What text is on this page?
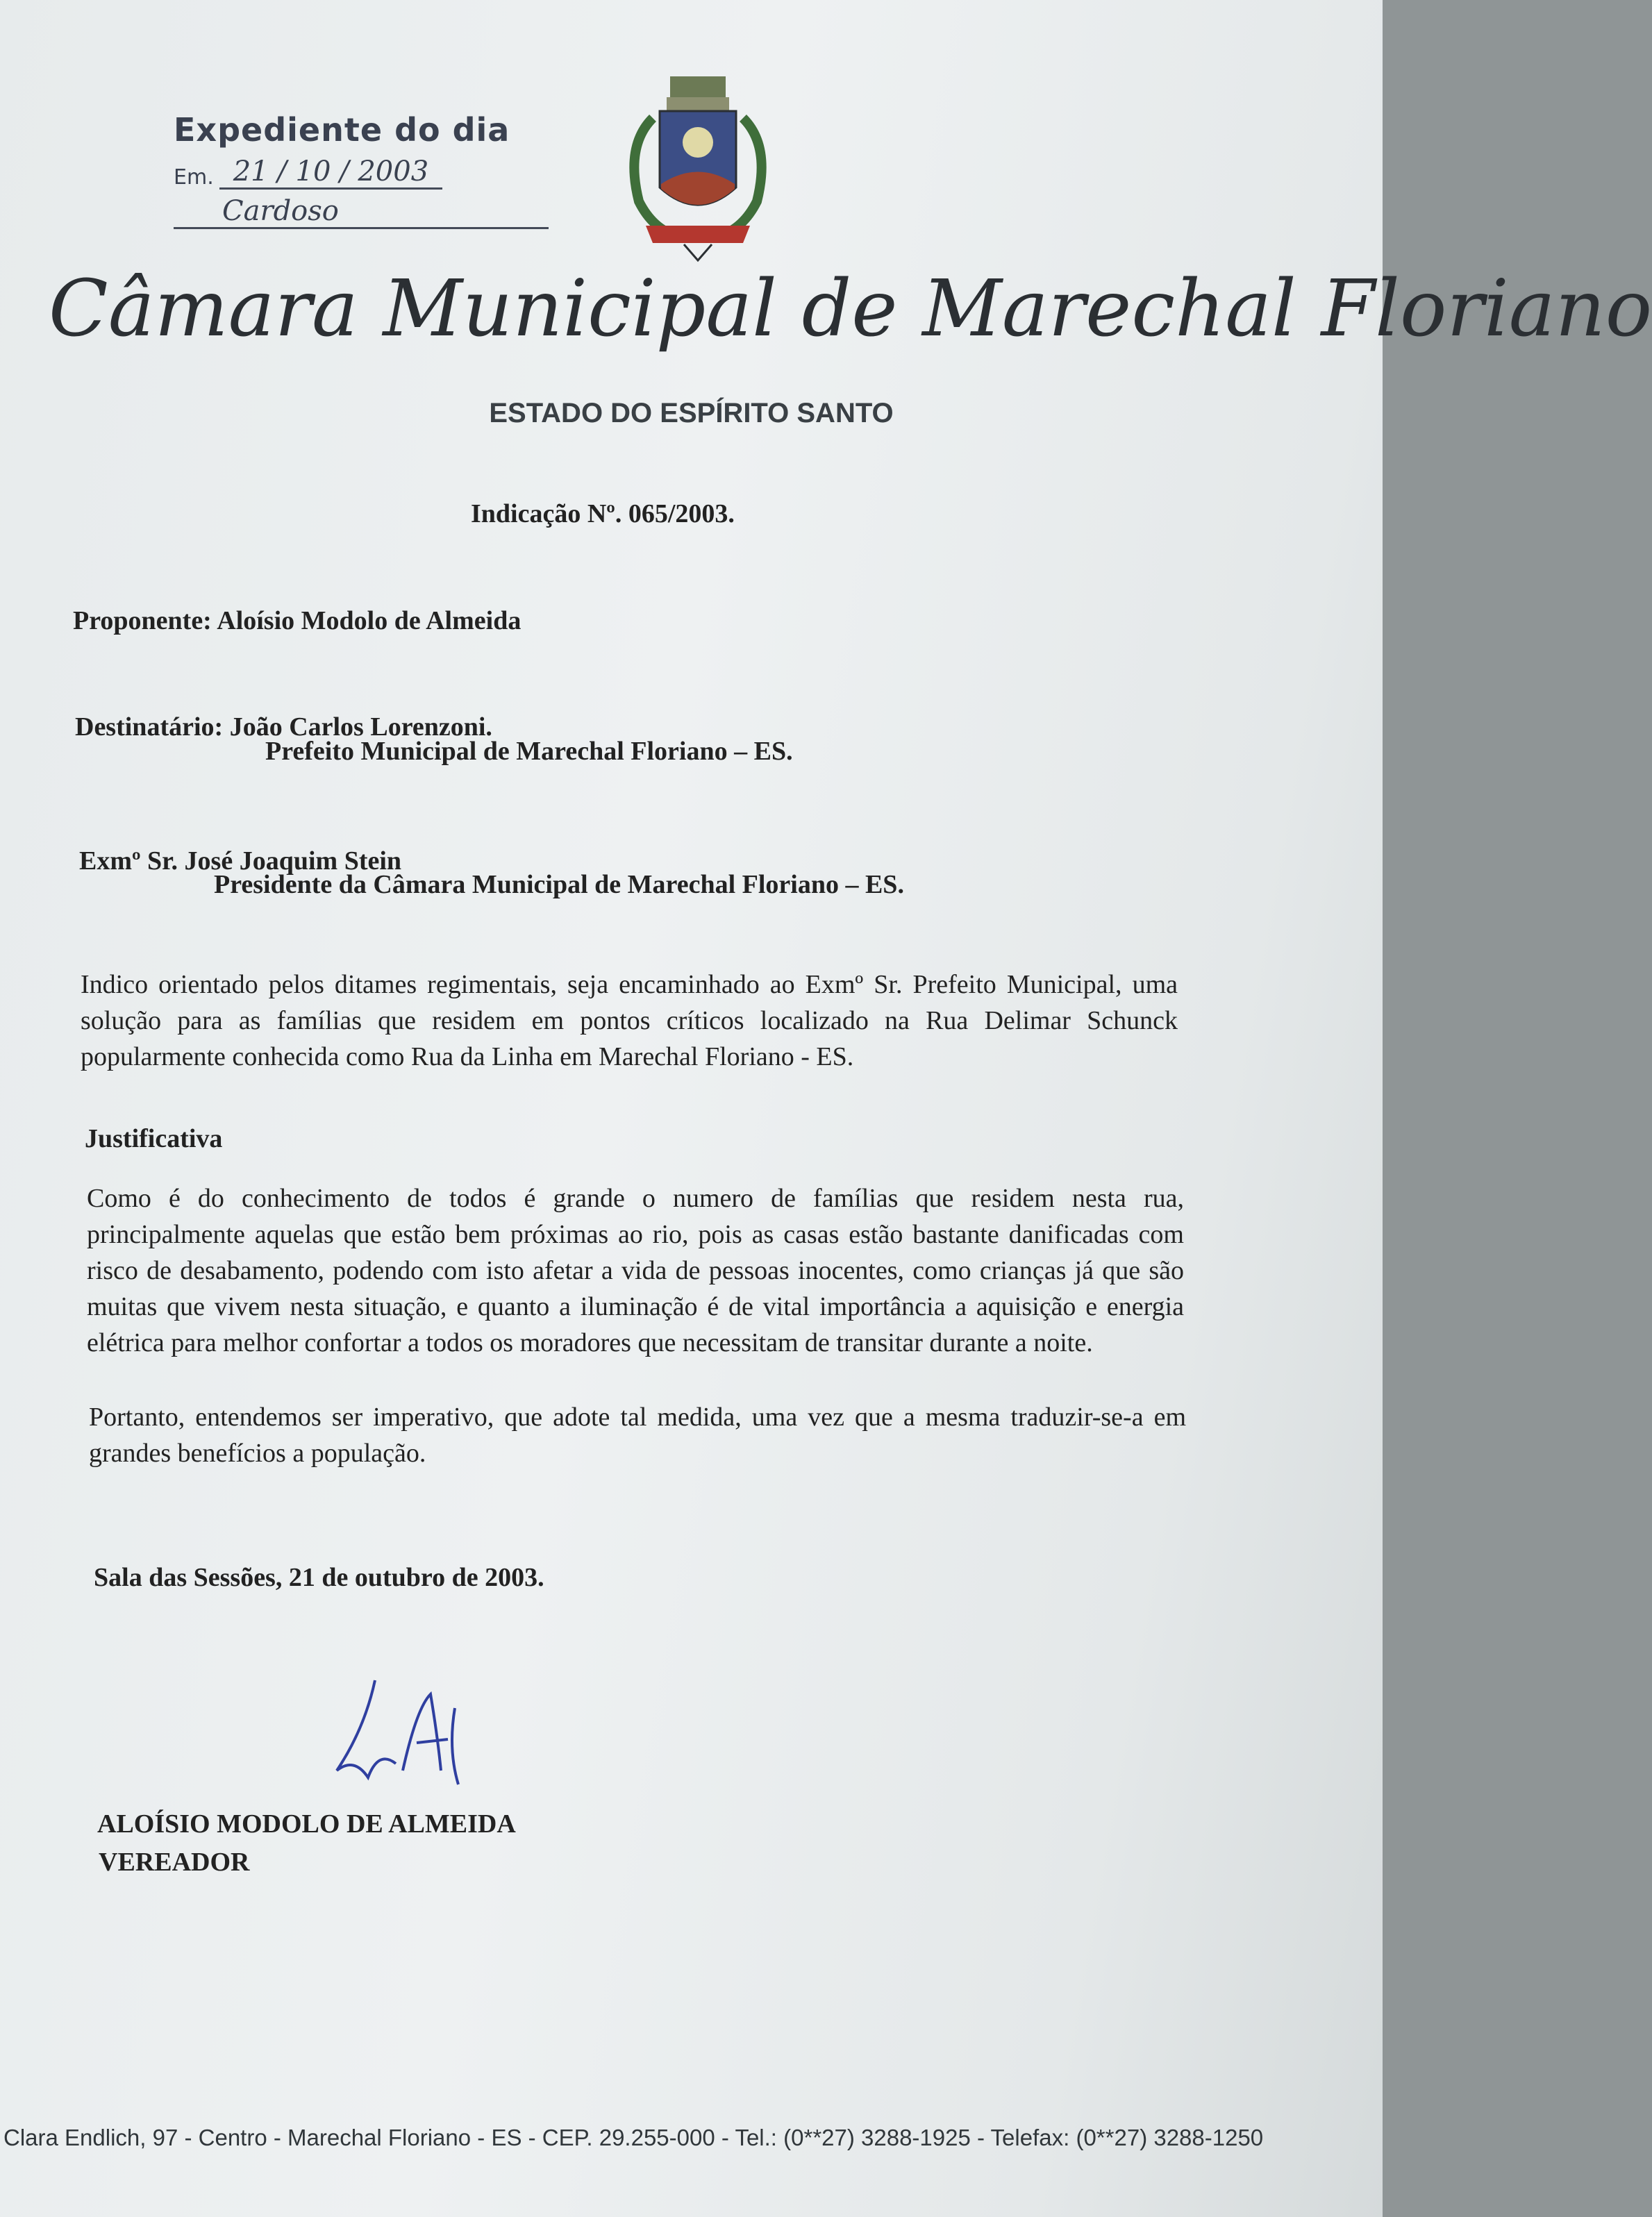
Expediente do dia
Em . 21 / 10 / 2003
Cardoso
Câmara Municipal de Marechal Floriano
ESTADO DO ESPÍRITO SANTO
Indicação Nº. 065/2003.
Proponente: Aloísio Modolo de Almeida
Destinatário: João Carlos Lorenzoni.
Prefeito Municipal de Marechal Floriano – ES.
Exmº Sr. José Joaquim Stein
Presidente da Câmara Municipal de Marechal Floriano – ES.
Indico orientado pelos ditames regimentais, seja encaminhado ao Exmº Sr. Prefeito Municipal, uma solução para as famílias que residem em pontos críticos localizado na Rua Delimar Schunck popularmente conhecida como Rua da Linha em Marechal Floriano - ES.
Justificativa
Como é do conhecimento de todos é grande o numero de famílias que residem nesta rua, principalmente aquelas que estão bem próximas ao rio, pois as casas estão bastante danificadas com risco de desabamento, podendo com isto afetar a vida de pessoas inocentes, como crianças já que são muitas que vivem nesta situação, e quanto a iluminação é de vital importância a aquisição e energia elétrica para melhor confortar a todos os moradores que necessitam de transitar durante a noite.
Portanto, entendemos ser imperativo, que adote tal medida, uma vez que a mesma traduzir-se-a em grandes benefícios a população.
Sala das Sessões, 21 de outubro de 2003.
ALOÍSIO MODOLO DE ALMEIDA
VEREADOR
Clara Endlich, 97 - Centro - Marechal Floriano - ES - CEP. 29.255-000 - Tel.: (0**27) 3288-1925 - Telefax: (0**27) 3288-1250
